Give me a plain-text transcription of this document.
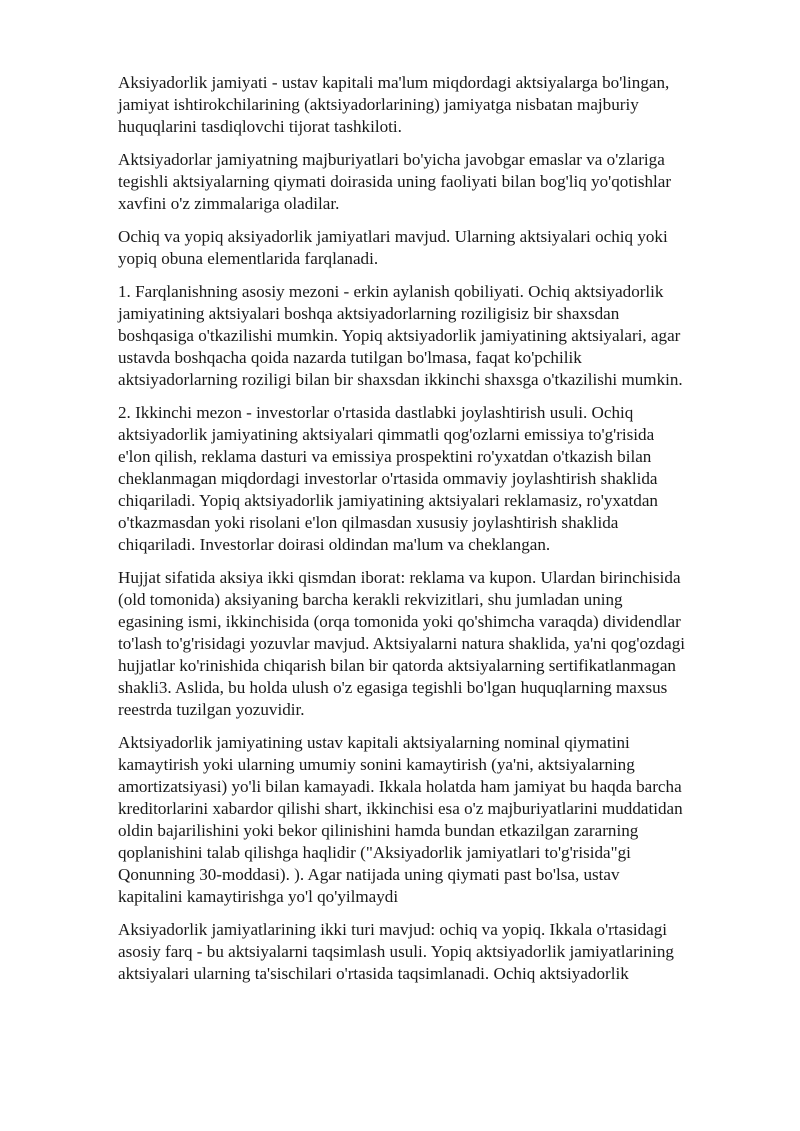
Aksiyadorlik jamiyati - ustav kapitali ma'lum miqdordagi aktsiyalarga bo'lingan,
jamiyat ishtirokchilarining (aktsiyadorlarining) jamiyatga nisbatan majburiy
huquqlarini tasdiqlovchi tijorat tashkiloti.

Aktsiyadorlar jamiyatning majburiyatlari bo'yicha javobgar emaslar va o'zlariga
tegishli aktsiyalarning qiymati doirasida uning faoliyati bilan bog'liq yo'qotishlar
xavfini o'z zimmalariga oladilar.

Ochiq va yopiq aksiyadorlik jamiyatlari mavjud. Ularning aktsiyalari ochiq yoki
yopiq obuna elementlarida farqlanadi.

1. Farqlanishning asosiy mezoni - erkin aylanish qobiliyati. Ochiq aktsiyadorlik
jamiyatining aktsiyalari boshqa aktsiyadorlarning roziligisiz bir shaxsdan
boshqasiga o'tkazilishi mumkin. Yopiq aktsiyadorlik jamiyatining aktsiyalari, agar
ustavda boshqacha qoida nazarda tutilgan bo'lmasa, faqat ko'pchilik
aktsiyadorlarning roziligi bilan bir shaxsdan ikkinchi shaxsga o'tkazilishi mumkin.

2. Ikkinchi mezon - investorlar o'rtasida dastlabki joylashtirish usuli. Ochiq
aktsiyadorlik jamiyatining aktsiyalari qimmatli qog'ozlarni emissiya to'g'risida
e'lon qilish, reklama dasturi va emissiya prospektini ro'yxatdan o'tkazish bilan
cheklanmagan miqdordagi investorlar o'rtasida ommaviy joylashtirish shaklida
chiqariladi. Yopiq aktsiyadorlik jamiyatining aktsiyalari reklamasiz, ro'yxatdan
o'tkazmasdan yoki risolani e'lon qilmasdan xususiy joylashtirish shaklida
chiqariladi. Investorlar doirasi oldindan ma'lum va cheklangan.

Hujjat sifatida aksiya ikki qismdan iborat: reklama va kupon. Ulardan birinchisida
(old tomonida) aksiyaning barcha kerakli rekvizitlari, shu jumladan uning
egasining ismi, ikkinchisida (orqa tomonida yoki qo'shimcha varaqda) dividendlar
to'lash to'g'risidagi yozuvlar mavjud. Aktsiyalarni natura shaklida, ya'ni qog'ozdagi
hujjatlar ko'rinishida chiqarish bilan bir qatorda aktsiyalarning sertifikatlanmagan
shakli3. Aslida, bu holda ulush o'z egasiga tegishli bo'lgan huquqlarning maxsus
reestrda tuzilgan yozuvidir.

Aktsiyadorlik jamiyatining ustav kapitali aktsiyalarning nominal qiymatini
kamaytirish yoki ularning umumiy sonini kamaytirish (ya'ni, aktsiyalarning
amortizatsiyasi) yo'li bilan kamayadi. Ikkala holatda ham jamiyat bu haqda barcha
kreditorlarini xabardor qilishi shart, ikkinchisi esa o'z majburiyatlarini muddatidan
oldin bajarilishini yoki bekor qilinishini hamda bundan etkazilgan zararning
qoplanishini talab qilishga haqlidir ("Aksiyadorlik jamiyatlari to'g'risida"gi
Qonunning 30-moddasi). ). Agar natijada uning qiymati past bo'lsa, ustav
kapitalini kamaytirishga yo'l qo'yilmaydi

Aksiyadorlik jamiyatlarining ikki turi mavjud: ochiq va yopiq. Ikkala o'rtasidagi
asosiy farq - bu aktsiyalarni taqsimlash usuli. Yopiq aktsiyadorlik jamiyatlarining
aktsiyalari ularning ta'sischilari o'rtasida taqsimlanadi. Ochiq aktsiyadorlik
